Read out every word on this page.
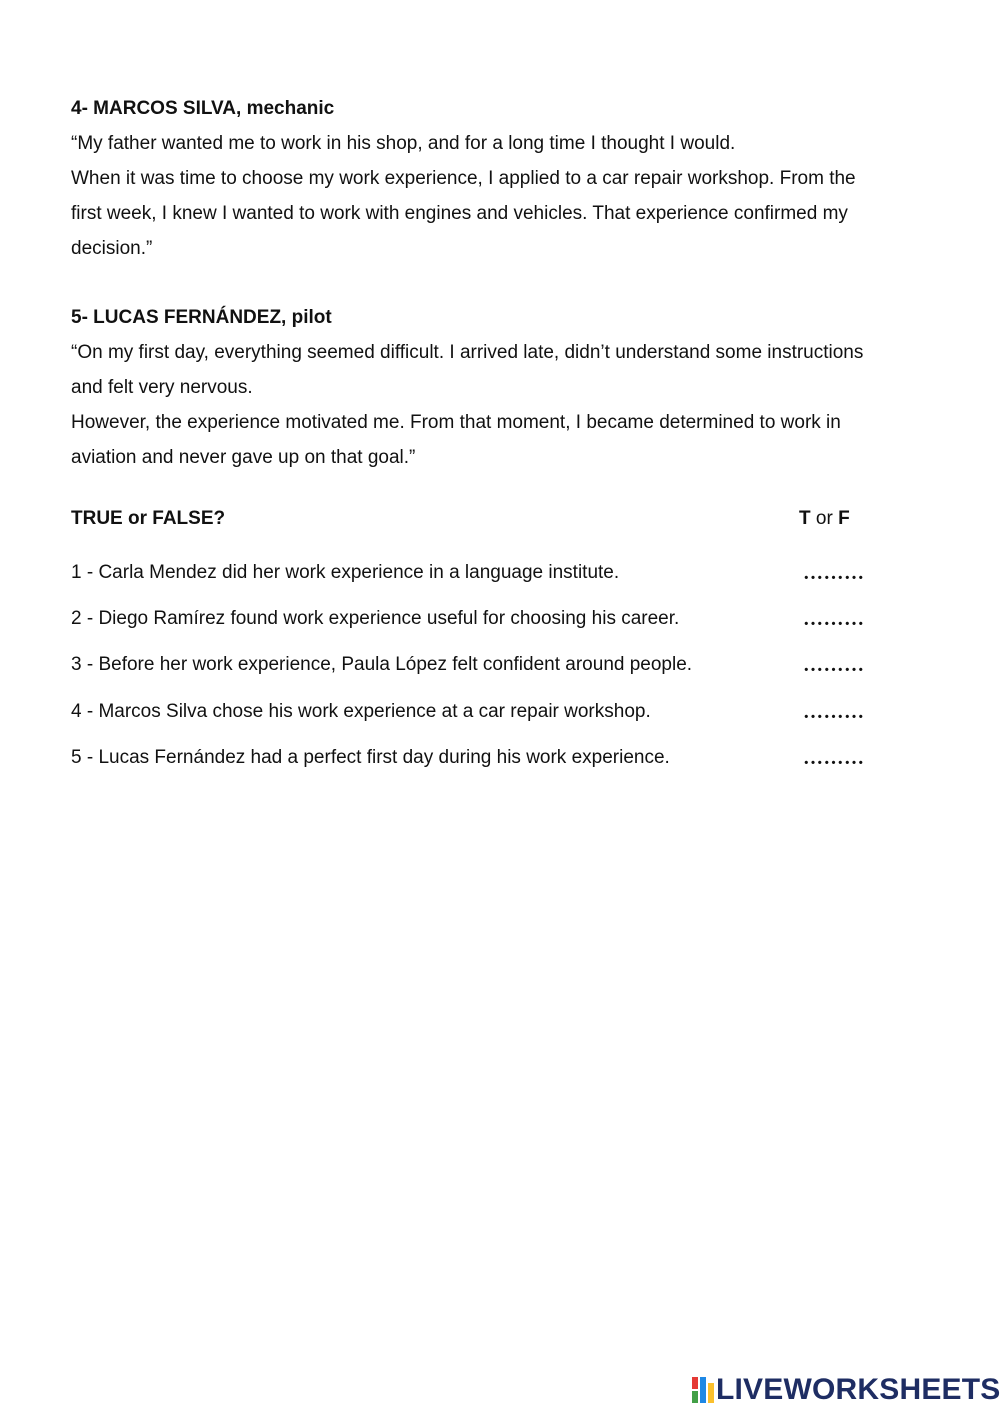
4- MARCOS SILVA, mechanic

“My father wanted me to work in his shop, and for a long time I thought I would.

When it was time to choose my work experience, I applied to a car repair workshop. From the

first week, I knew I wanted to work with engines and vehicles. That experience confirmed my

decision.”

5- LUCAS FERNÁNDEZ, pilot

“On my first day, everything seemed difficult. I arrived late, didn’t understand some instructions

and felt very nervous.

However, the experience motivated me. From that moment, I became determined to work in

aviation and never gave up on that goal.”

TRUE or FALSE?	T or F
1 - Carla Mendez did her work experience in a language institute.	………
2 - Diego Ramírez found work experience useful for choosing his career.	………
3 - Before her work experience, Paula López felt confident around people.	………
4 - Marcos Silva chose his work experience at a car repair workshop.	………
5 - Lucas Fernández had a perfect first day during his work experience.	………
LIVEWORKSHEETS
